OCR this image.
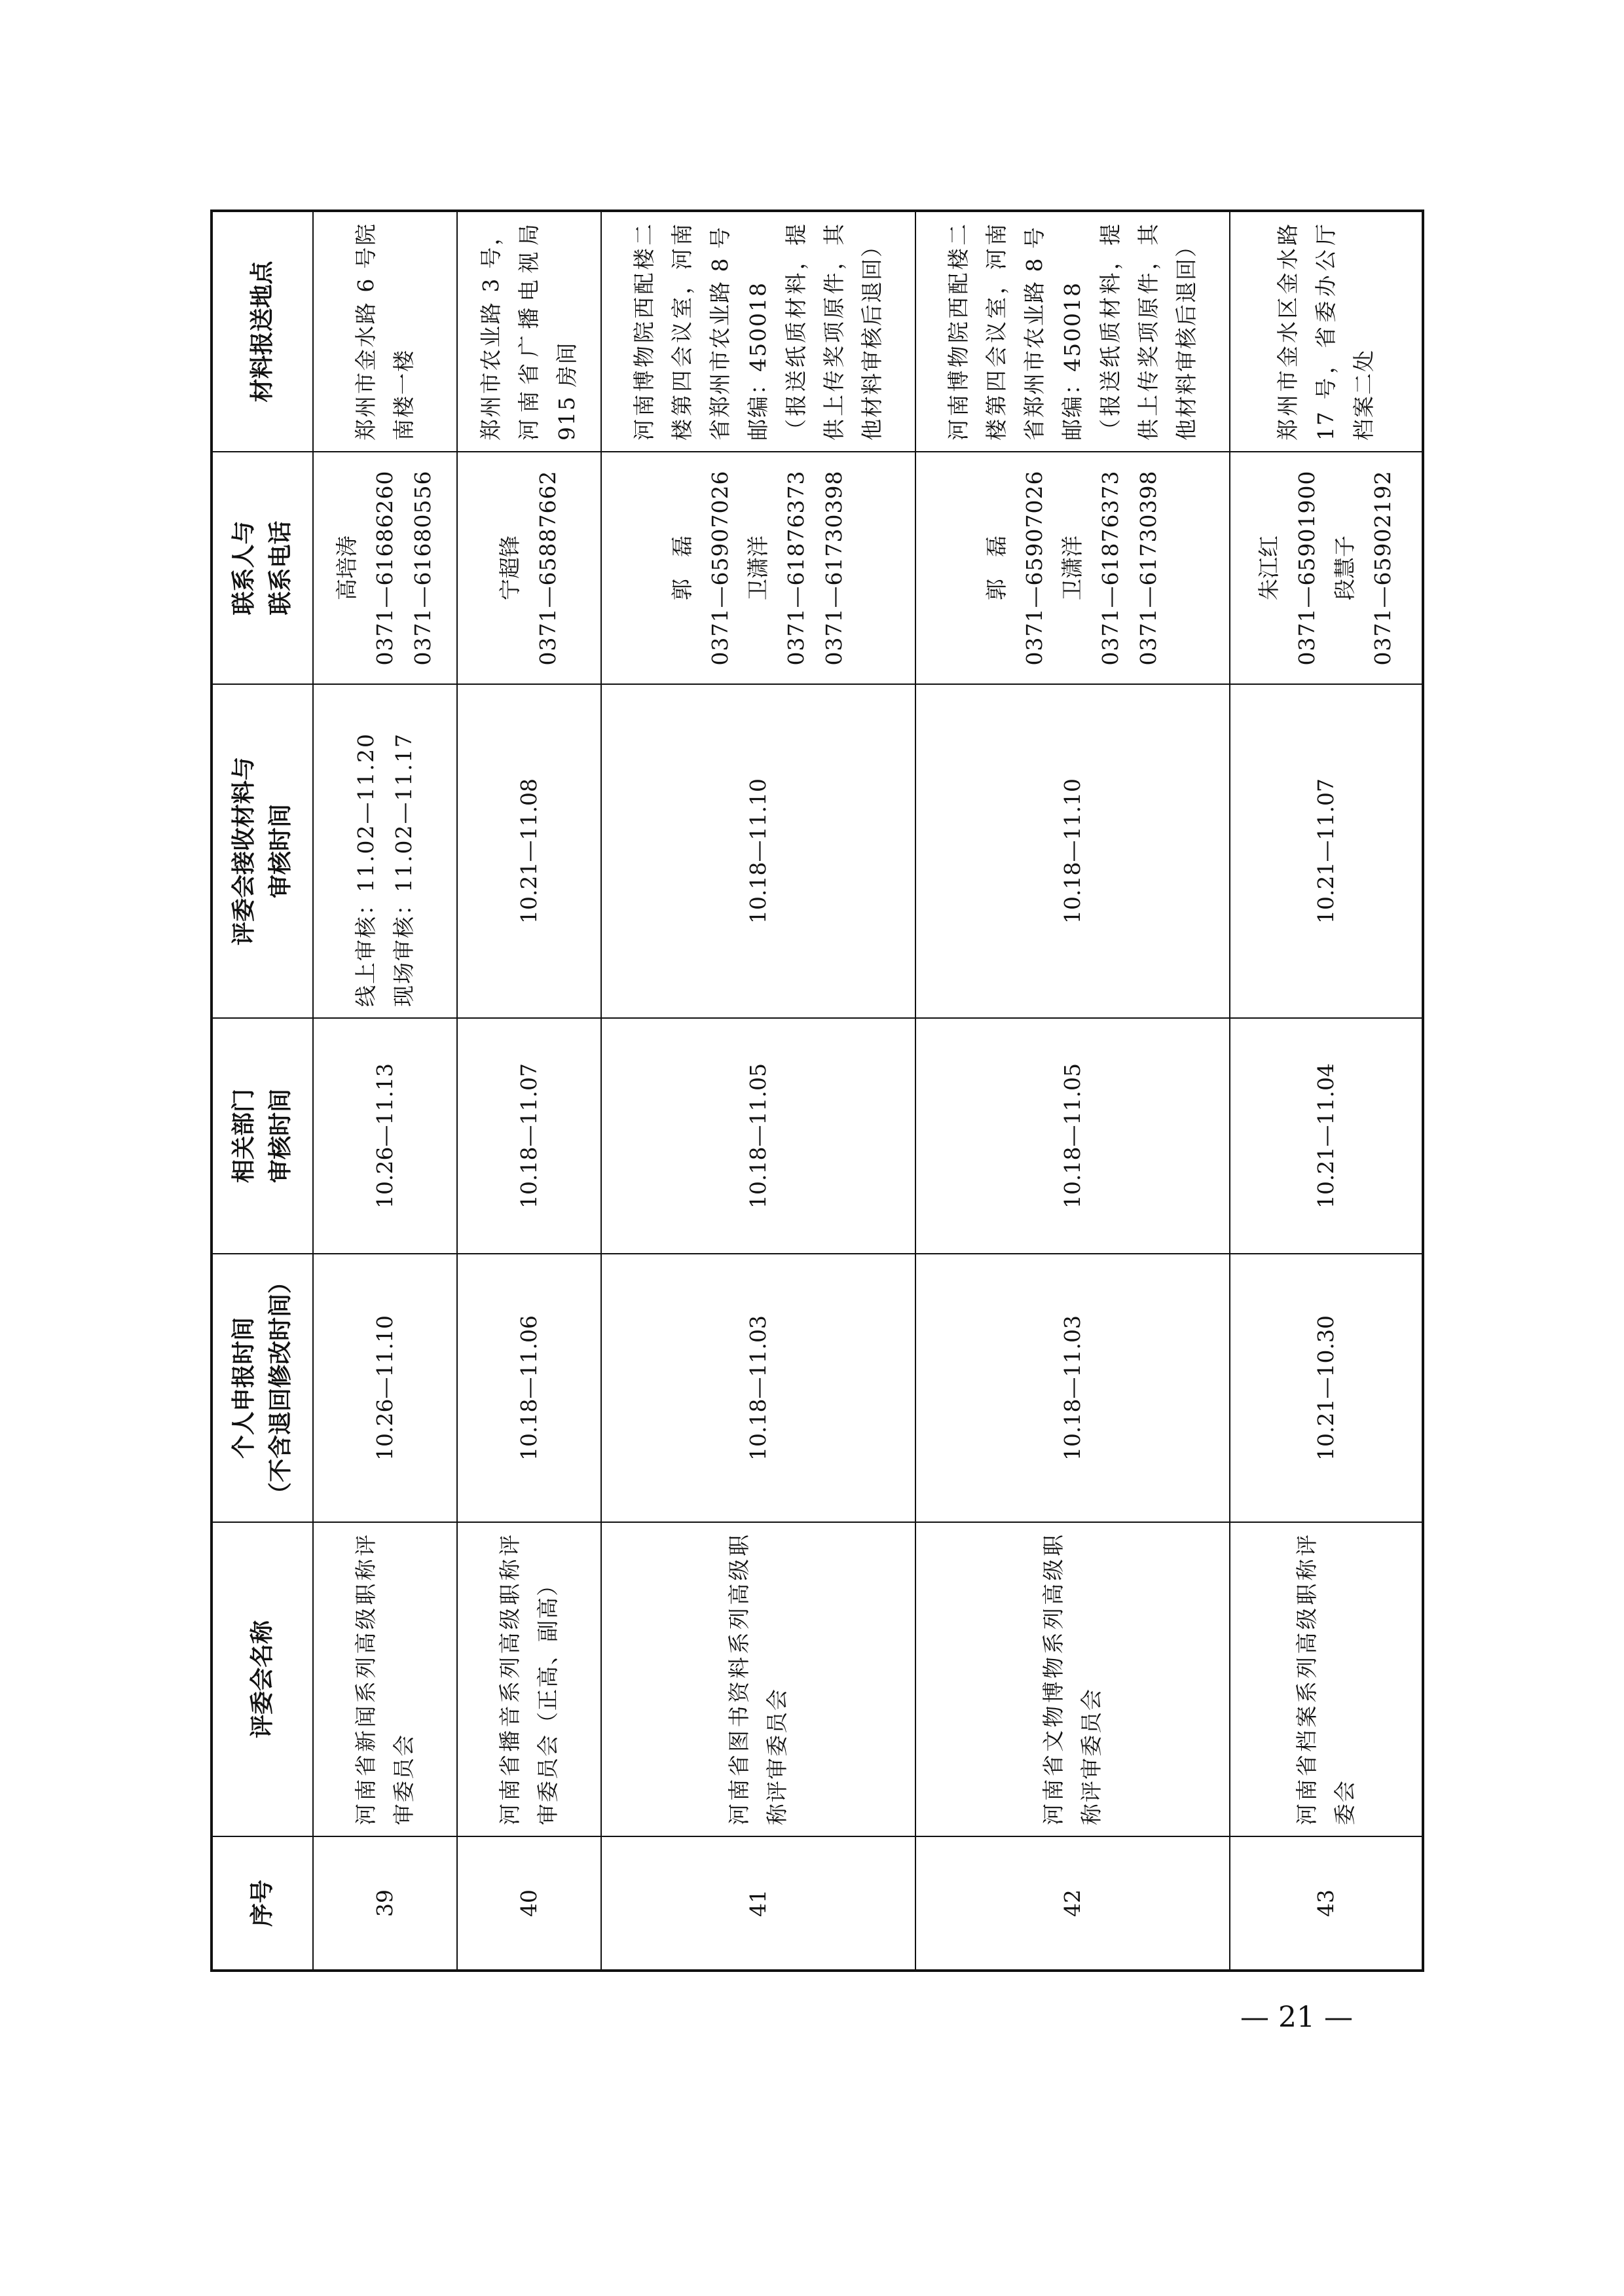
序号	评委会名称	个人申报时间 （不含退回修改时间）	相关部门 审核时间	评委会接收材料与 审核时间	联系人与 联系电话	材料报送地点
39	河南省新闻系列高级职称评审委员会	10.26—11.10	10.26—11.13	线上审核：11.02—11.20 现场审核：11.02—11.17	高培涛 0371—61686260 0371—61680556	郑州市金水路 6 号院南楼一楼
40	河南省播音系列高级职称评审委员会（正高、副高）	10.18—11.06	10.18—11.07	10.21—11.08	宁超锋 0371—65887662	郑州市农业路 3 号，河南省广播电视局 915 房间
41	河南省图书资料系列高级职称评审委员会	10.18—11.03	10.18—11.05	10.18—11.10	郭　磊 0371—65907026 卫潇洋 0371—61876373 0371—61730398	河南博物院西配楼二楼第四会议室，河南省郑州市农业路 8 号 邮编：450018 （报送纸质材料，提供上传奖项原件，其他材料审核后退回）

42	河南省文物博物系列高级职称评审委员会	10.18—11.03	10.18—11.05	10.18—11.10	郭　磊 0371—65907026 卫潇洋 0371—61876373 0371—61730398	河南博物院西配楼二楼第四会议室，河南省郑州市农业路 8 号 邮编：450018 （报送纸质材料，提供上传奖项原件，其他材料审核后退回）

43	河南省档案系列高级职称评委会	10.21—10.30	10.21—11.04	10.21—11.07	朱江红 0371—65901900 段慧子 0371—65902192	郑州市金水区金水路 17 号，省委办公厅档案二处
— 21 —
